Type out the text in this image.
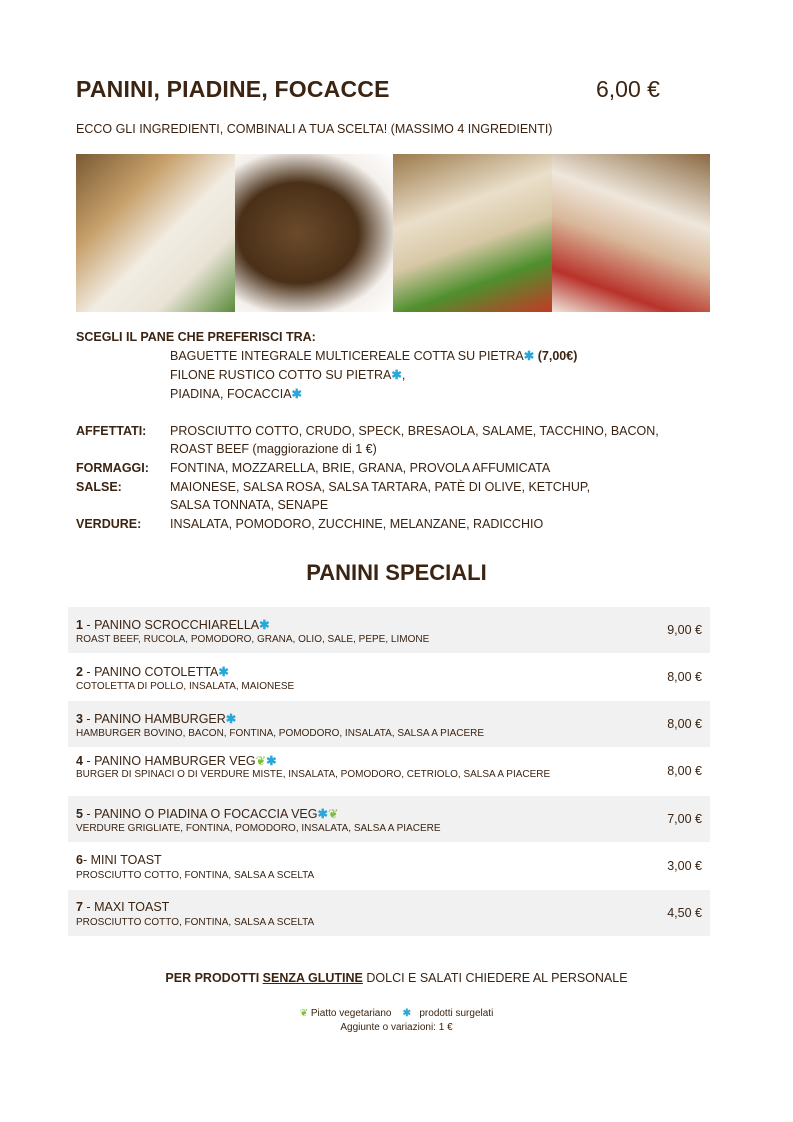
PANINI, PIADINE, FOCACCE	6,00 €
ECCO GLI INGREDIENTI, COMBINALI A TUA SCELTA! (MASSIMO 4 INGREDIENTI)
SCEGLI IL PANE CHE PREFERISCI TRA:
BAGUETTE INTEGRALE MULTICEREALE COTTA SU PIETRA✱ (7,00€)
FILONE RUSTICO COTTO SU PIETRA✱,
PIADINA, FOCACCIA✱
AFFETTATI: PROSCIUTTO COTTO, CRUDO, SPECK, BRESAOLA, SALAME, TACCHINO, BACON,
ROAST BEEF (maggiorazione di 1 €)
FORMAGGI: FONTINA, MOZZARELLA, BRIE, GRANA, PROVOLA AFFUMICATA
SALSE:	MAIONESE, SALSA ROSA, SALSA TARTARA, PATÈ DI OLIVE, KETCHUP,
SALSA TONNATA, SENAPE
VERDURE: INSALATA, POMODORO, ZUCCHINE, MELANZANE, RADICCHIO
PANINI SPECIALI
1 - PANINO SCROCCHIARELLA✱
ROAST BEEF, RUCOLA, POMODORO, GRANA, OLIO, SALE, PEPE, LIMONE
9,00 €
2 - PANINO COTOLETTA✱
COTOLETTA DI POLLO, INSALATA, MAIONESE
8,00 €
3 - PANINO HAMBURGER✱
HAMBURGER BOVINO, BACON, FONTINA, POMODORO, INSALATA, SALSA A PIACERE
8,00 €
4 - PANINO HAMBURGER VEG❦✱
BURGER DI SPINACI O DI VERDURE MISTE, INSALATA, POMODORO, CETRIOLO, SALSA A PIACERE	8,00 €
5 - PANINO O PIADINA O FOCACCIA VEG✱❦
VERDURE GRIGLIATE, FONTINA, POMODORO, INSALATA, SALSA A PIACERE
7,00 €
6- MINI TOAST
PROSCIUTTO COTTO, FONTINA, SALSA A SCELTA
3,00 €
7 - MAXI TOAST
PROSCIUTTO COTTO, FONTINA, SALSA A SCELTA
4,50 €
PER PRODOTTI SENZA GLUTINE DOLCI E SALATI CHIEDERE AL PERSONALE
❦ Piatto vegetariano ✱ prodotti surgelati
Aggiunte o variazioni: 1 €
